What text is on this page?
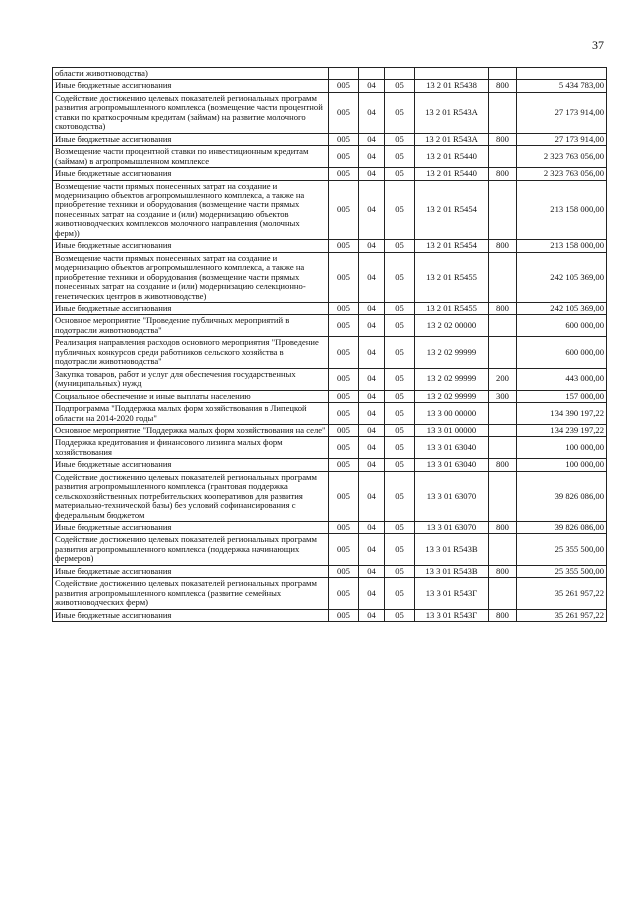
37
области животноводства)						
Иные бюджетные ассигнования	005	04	05	13 2 01 R5438	800	5 434 783,00
Содействие достижению целевых показателей региональных программ развития агропромышленного комплекса (возмещение части процентной ставки по краткосрочным кредитам (займам) на развитие молочного скотоводства)	005	04	05	13 2 01 R543А		27 173 914,00
Иные бюджетные ассигнования	005	04	05	13 2 01 R543А	800	27 173 914,00
Возмещение части процентной ставки по инвестиционным кредитам (займам) в агропромышленном комплексе	005	04	05	13 2 01 R5440		2 323 763 056,00
Иные бюджетные ассигнования	005	04	05	13 2 01 R5440	800	2 323 763 056,00
Возмещение части прямых понесенных затрат на создание и модернизацию объектов агропромышленного комплекса, а также на приобретение техники и оборудования (возмещение части прямых понесенных затрат на создание и (или) модернизацию объектов животноводческих комплексов молочного направления (молочных ферм))	005	04	05	13 2 01 R5454		213 158 000,00
Иные бюджетные ассигнования	005	04	05	13 2 01 R5454	800	213 158 000,00
Возмещение части прямых понесенных затрат на создание и модернизацию объектов агропромышленного комплекса, а также на приобретение техники и оборудования (возмещение части прямых понесенных затрат на создание и (или) модернизацию селекционно-генетических центров в животноводстве)	005	04	05	13 2 01 R5455		242 105 369,00
Иные бюджетные ассигнования	005	04	05	13 2 01 R5455	800	242 105 369,00
Основное мероприятие "Проведение публичных мероприятий в подотрасли животноводства"	005	04	05	13 2 02 00000		600 000,00
Реализация направления расходов основного мероприятия "Проведение публичных конкурсов среди работников сельского хозяйства в подотрасли животноводства"	005	04	05	13 2 02 99999		600 000,00
Закупка товаров, работ и услуг для обеспечения государственных (муниципальных) нужд	005	04	05	13 2 02 99999	200	443 000,00
Социальное обеспечение и иные выплаты населению	005	04	05	13 2 02 99999	300	157 000,00
Подпрограмма "Поддержка малых форм хозяйствования в Липецкой области на 2014-2020 годы"	005	04	05	13 3 00 00000		134 390 197,22
Основное мероприятие "Поддержка малых форм хозяйствования на селе"	005	04	05	13 3 01 00000		134 239 197,22
Поддержка кредитования и финансового лизинга малых форм хозяйствования	005	04	05	13 3 01 63040		100 000,00
Иные бюджетные ассигнования	005	04	05	13 3 01 63040	800	100 000,00
Содействие достижению целевых показателей региональных программ развития агропромышленного комплекса (грантовая поддержка сельскохозяйственных потребительских кооперативов для развития материально-технической базы) без условий софинансирования с федеральным бюджетом	005	04	05	13 3 01 63070		39 826 086,00
Иные бюджетные ассигнования	005	04	05	13 3 01 63070	800	39 826 086,00
Содействие достижению целевых показателей региональных программ развития агропромышленного комплекса (поддержка начинающих фермеров)	005	04	05	13 3 01 R543В		25 355 500,00
Иные бюджетные ассигнования	005	04	05	13 3 01 R543В	800	25 355 500,00
Содействие достижению целевых показателей региональных программ развития агропромышленного комплекса (развитие семейных животноводческих ферм)	005	04	05	13 3 01 R543Г		35 261 957,22
Иные бюджетные ассигнования	005	04	05	13 3 01 R543Г	800	35 261 957,22
